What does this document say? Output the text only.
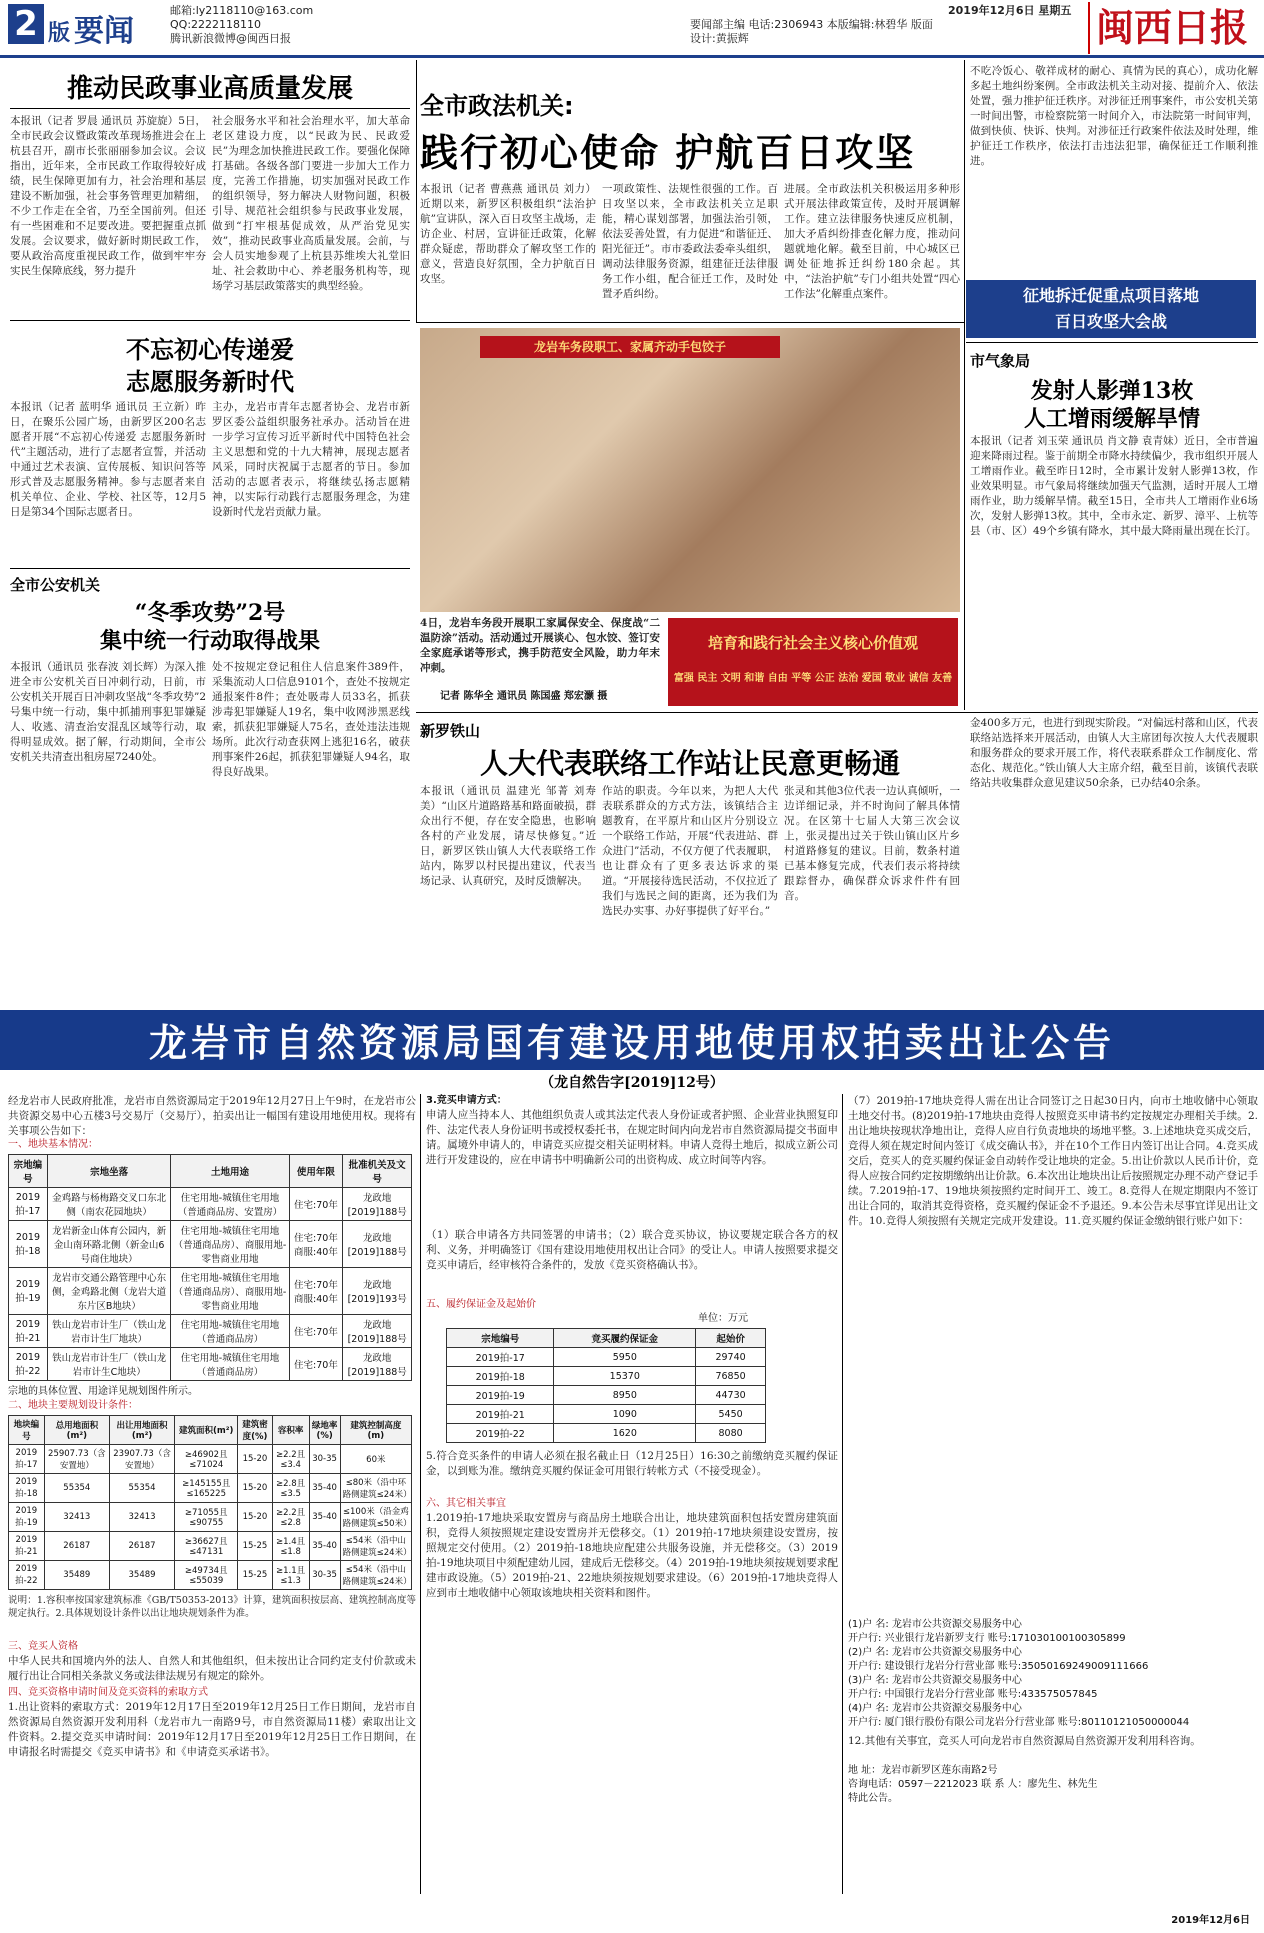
2 版 要闻
邮箱:ly2118110@163.com
QQ:2222118110
腾讯新浪微博@闽西日报
要闻部主编 电话:2306943 本版编辑:林碧华 版面设计:黄振辉
2019年12月6日 星期五 闽西日报
推动民政事业高质量发展
本报讯（记者 罗晨 通讯员 苏旋旋）5日，全市民政会议暨政策改革现场推进会在上杭县召开，副市长张丽丽参加会议。会议指出，近年来，全市民政工作取得较好成绩，民生保障更加有力，社会治理和基层建设不断加强，社会事务管理更加精细，不少工作走在全省，乃至全国前列。但还有一些困难和不足要改进。要把握重点抓发展。会议要求，做好新时期民政工作，要从政治高度重视民政工作，做到牢牢夯实民生保障底线，努力提升
社会服务水平和社会治理水平，加大革命老区建设力度，以“民政为民、民政爱民”为理念加快推进民政工作。要强化保障打基础。各级各部门要进一步加大工作力度，完善工作措施，切实加强对民政工作的组织领导，努力解决人财物问题，积极引导、规范社会组织参与民政事业发展，做到“打牢根基促成效，从严治党见实效”，推动民政事业高质量发展。会前，与会人员实地参观了上杭县苏维埃大礼堂旧址、社会救助中心、养老服务机构等，现场学习基层政策落实的典型经验。
全市政法机关:
践行初心使命 护航百日攻坚
本报讯（记者 曹燕燕 通讯员 刘力）近期以来，新罗区积极组织“法治护航”宣讲队，深入百日攻坚主战场，走访企业、村居，宣讲征迁政策，化解群众疑虑，帮助群众了解攻坚工作的意义，营造良好氛围，全力护航百日攻坚。
一项政策性、法规性很强的工作。百日攻坚以来，全市政法机关立足职能，精心谋划部署，加强法治引领，依法妥善处置，有力促进“和谐征迁、阳光征迁”。市市委政法委牵头组织，调动法律服务资源，组建征迁法律服务工作小组，配合征迁工作，及时处置矛盾纠纷。
进展。全市政法机关积极运用多种形式开展法律政策宣传，及时开展调解工作。建立法律服务快速反应机制，加大矛盾纠纷排查化解力度，推动问题就地化解。截至目前，中心城区已调处征地拆迁纠纷180余起。其中，“法治护航”专门小组共处置“四心工作法”化解重点案件。
不吃冷饭心、敬祥成材的耐心、真情为民的真心），成功化解多起土地纠纷案例。全市政法机关主动对接、提前介入、依法处置，强力推护征迁秩序。对涉征迁刑事案件，市公安机关第一时间出警，市检察院第一时间介入，市法院第一时间审判，做到快侦、快诉、快判。对涉征迁行政案件依法及时处理，维护征迁工作秩序，依法打击违法犯罪，确保征迁工作顺利推进。
征地拆迁促重点项目落地
百日攻坚大会战
不忘初心传递爱
志愿服务新时代
本报讯（记者 蓝明华 通讯员 王立新）昨日，在聚乐公园广场，由新罗区200名志愿者开展“不忘初心传递爱 志愿服务新时代”主题活动，进行了志愿者宣誓，并活动中通过艺术表演、宣传展板、知识问答等形式普及志愿服务精神。参与志愿者来自机关单位、企业、学校、社区等，12月5日是第34个国际志愿者日。
主办，龙岩市青年志愿者协会、龙岩市新罗区委公益组织服务社承办。活动旨在进一步学习宣传习近平新时代中国特色社会主义思想和党的十九大精神，展现志愿者风采，同时庆祝属于志愿者的节日。参加活动的志愿者表示，将继续弘扬志愿精神，以实际行动践行志愿服务理念，为建设新时代龙岩贡献力量。
龙岩车务段职工、家属齐动手包饺子
4日，龙岩车务段开展职工家属保安全、保度战“二温防涂”活动。活动通过开展谈心、包水饺、签订安全家庭承诺等形式，携手防范安全风险，助力年末冲刺。
记者 陈华全 通讯员 陈国盛 郑宏灏 摄
培育和践行社会主义核心价值观
富强 民主 文明 和谐 自由 平等 公正 法治 爱国 敬业 诚信 友善
市气象局
发射人影弹13枚
人工增雨缓解旱情
本报讯（记者 刘玉荣 通讯员 肖文静 袁青妹）近日，全市普遍迎来降雨过程。鉴于前期全市降水持续偏少，我市组织开展人工增雨作业。截至昨日12时，全市累计发射人影弹13枚，作业效果明显。市气象局将继续加强天气监测，适时开展人工增雨作业，助力缓解旱情。截至15日，全市共人工增雨作业6场次，发射人影弹13枚。其中，全市永定、新罗、漳平、上杭等县（市、区）49个乡镇有降水，其中最大降雨量出现在长汀。
全市公安机关
“冬季攻势”2号
集中统一行动取得战果
本报讯（通讯员 张春波 刘长辉）为深入推进全市公安机关百日冲刺行动，日前，市公安机关开展百日冲刺攻坚战“冬季攻势”2号集中统一行动，集中抓捕刑事犯罪嫌疑人、收逃、清查治安混乱区域等行动，取得明显成效。据了解，行动期间，全市公安机关共清查出租房屋7240处。
处不按规定登记租住人信息案件389件，采集流动人口信息9101个，查处不按规定通报案件8件；查处吸毒人员33名，抓获涉毒犯罪嫌疑人19名，集中收网涉黑恶线索，抓获犯罪嫌疑人75名，查处违法违规场所。此次行动查获网上逃犯16名，破获刑事案件26起，抓获犯罪嫌疑人94名，取得良好战果。
新罗铁山
人大代表联络工作站让民意更畅通
本报讯（通讯员 温建光 邹菁 刘寿美）“山区片道路路基和路面破损，群众出行不便，存在安全隐患，也影响各村的产业发展，请尽快修复。”近日，新罗区铁山镇人大代表联络工作站内，陈罗以村民提出建议，代表当场记录、认真研究，及时反馈解决。
作站的职责。今年以来，为把人大代表联系群众的方式方法，该镇结合主题教育，在平原片和山区片分别设立一个联络工作站，开展“代表进站、群众进门”活动，不仅方便了代表履职，也让群众有了更多表达诉求的渠道。“开展接待选民活动，不仅拉近了我们与选民之间的距离，还为我们为选民办实事、办好事提供了好平台。”
张灵和其他3位代表一边认真倾听，一边详细记录，并不时询问了解具体情况。在区第十七届人大第三次会议上，张灵提出过关于铁山镇山区片乡村道路修复的建议。目前，数条村道已基本修复完成，代表们表示将持续跟踪督办，确保群众诉求件件有回音。
金400多万元，也进行到现实阶段。“对偏远村落和山区，代表联络站选择来开展活动，由镇人大主席团每次按人大代表履职和服务群众的要求开展工作，将代表联系群众工作制度化、常态化、规范化。”铁山镇人大主席介绍，截至目前，该镇代表联络站共收集群众意见建议50余条，已办结40余条。
龙岩市自然资源局国有建设用地使用权拍卖出让公告
（龙自然告字[2019]12号）
经龙岩市人民政府批准，龙岩市自然资源局定于2019年12月27日上午9时，在龙岩市公共资源交易中心五楼3号交易厅（交易厅），拍卖出让一幅国有建设用地使用权。现将有关事项公告如下：
一、地块基本情况：
宗地编号	宗地坐落	土地用途	使用年限	批准机关及文号
2019拍-17	金鸡路与杨梅路交叉口东北侧（南农花园地块）	住宅用地-城镇住宅用地（普通商品房、安置房）	住宅:70年	龙政地[2019]188号
2019拍-18	龙岩新金山体育公园内，新金山南环路北侧（新金山6号商住地块）	住宅用地-城镇住宅用地（普通商品房）、商服用地-零售商业用地	住宅:70年 商服:40年	龙政地[2019]188号
2019拍-19	龙岩市交通公路管理中心东侧，金鸡路北侧（龙岩大道东片区B地块）	住宅用地-城镇住宅用地（普通商品房）、商服用地-零售商业用地	住宅:70年 商服:40年	龙政地[2019]193号
2019拍-21	铁山龙岩市计生厂（铁山龙岩市计生厂地块）	住宅用地-城镇住宅用地（普通商品房）	住宅:70年	龙政地[2019]188号
2019拍-22	铁山龙岩市计生厂（铁山龙岩市计生C地块）	住宅用地-城镇住宅用地（普通商品房）	住宅:70年	龙政地[2019]188号
宗地的具体位置、用途详见规划图件所示。
二、地块主要规划设计条件：
地块编号	总用地面积(m²)	出让用地面积(m²)	建筑面积(m²)	建筑密度(%)	容积率	绿地率(%)	建筑控制高度(m)
2019拍-17	25907.73（含安置地）	23907.73（含安置地）	≥46902且≤71024	15-20	≥2.2且≤3.4	30-35	60米
2019拍-18	55354	55354	≥145155且≤165225	15-20	≥2.8且≤3.5	35-40	≤80米（沿中环路侧建筑≤24米）
2019拍-19	32413	32413	≥71055且≤90755	15-20	≥2.2且≤2.8	35-40	≤100米（沿金鸡路侧建筑≤50米）
2019拍-21	26187	26187	≥36627且≤47131	15-25	≥1.4且≤1.8	35-40	≤54米（沿中山路侧建筑≤24米）
2019拍-22	35489	35489	≥49734且≤55039	15-25	≥1.1且≤1.3	30-35	≤54米（沿中山路侧建筑≤24米）
说明：1.容积率按国家建筑标准《GB/T50353-2013》计算，建筑面积按层高、建筑控制高度等规定执行。2.具体规划设计条件以出让地块规划条件为准。
三、竞买人资格
中华人民共和国境内外的法人、自然人和其他组织，但未按出让合同约定支付价款或未履行出让合同相关条款义务或法律法规另有规定的除外。
四、竞买资格申请时间及竞买资料的索取方式
1.出让资料的索取方式：2019年12月17日至2019年12月25日工作日期间，龙岩市自然资源局自然资源开发利用科（龙岩市九一南路9号，市自然资源局11楼）索取出让文件资料。2.提交竞买申请时间：2019年12月17日至2019年12月25日工作日期间，在申请报名时需提交《竞买申请书》和《申请竞买承诺书》。
3.竞买申请方式：
申请人应当持本人、其他组织负责人或其法定代表人身份证或者护照、企业营业执照复印件、法定代表人身份证明书或授权委托书，在规定时间内向龙岩市自然资源局提交书面申请。属境外申请人的，申请竞买应提交相关证明材料。申请人竞得土地后，拟成立新公司进行开发建设的，应在申请书中明确新公司的出资构成、成立时间等内容。
（1）联合申请各方共同签署的申请书；（2）联合竞买协议，协议要规定联合各方的权利、义务，并明确签订《国有建设用地使用权出让合同》的受让人。申请人按照要求提交竞买申请后，经审核符合条件的，发放《竞买资格确认书》。
五、履约保证金及起始价
单位：万元
宗地编号	竞买履约保证金	起始价
2019拍-17	5950	29740
2019拍-18	15370	76850
2019拍-19	8950	44730
2019拍-21	1090	5450
2019拍-22	1620	8080
5.符合竞买条件的申请人必须在报名截止日（12月25日）16:30之前缴纳竞买履约保证金，以到账为准。缴纳竞买履约保证金可用银行转帐方式（不接受现金）。
六、其它相关事宜
1.2019拍-17地块采取安置房与商品房土地联合出让，地块建筑面积包括安置房建筑面积，竞得人须按照规定建设安置房并无偿移交。（1）2019拍-17地块须建设安置房，按照规定交付使用。（2）2019拍-18地块应配建公共服务设施，并无偿移交。（3）2019拍-19地块项目中须配建幼儿园，建成后无偿移交。（4）2019拍-19地块须按规划要求配建市政设施。（5）2019拍-21、22地块须按规划要求建设。（6）2019拍-17地块竞得人应到市土地收储中心领取该地块相关资料和图件。
（7）2019拍-17地块竞得人需在出让合同签订之日起30日内，向市土地收储中心领取土地交付书。(8)2019拍-17地块由竞得人按照竞买申请书约定按规定办理相关手续。2.出让地块按现状净地出让，竞得人应自行负责地块的场地平整。3.上述地块竞买成交后，竞得人须在规定时间内签订《成交确认书》，并在10个工作日内签订出让合同。4.竞买成交后，竞买人的竞买履约保证金自动转作受让地块的定金。5.出让价款以人民币计价，竞得人应按合同约定按期缴纳出让价款。6.本次出让地块出让后按照规定办理不动产登记手续。7.2019拍-17、19地块须按照约定时间开工、竣工。8.竞得人在规定期限内不签订出让合同的，取消其竞得资格，竞买履约保证金不予退还。9.本公告未尽事宜详见出让文件。10.竞得人须按照有关规定完成开发建设。11.竞买履约保证金缴纳银行账户如下：
(1)户 名: 龙岩市公共资源交易服务中心
开户行: 兴业银行龙岩新罗支行 账号:171030100100305899
(2)户 名: 龙岩市公共资源交易服务中心
开户行: 建设银行龙岩分行营业部 账号:35050169249009111666
(3)户 名: 龙岩市公共资源交易服务中心
开户行: 中国银行龙岩分行营业部 账号:433575057845
(4)户 名: 龙岩市公共资源交易服务中心
开户行: 厦门银行股份有限公司龙岩分行营业部 账号:80110121050000044
12.其他有关事宜，竞买人可向龙岩市自然资源局自然资源开发利用科咨询。
地 址：龙岩市新罗区莲东南路2号
咨询电话：0597－2212023 联 系 人：廖先生、林先生
特此公告。
2019年12月6日
